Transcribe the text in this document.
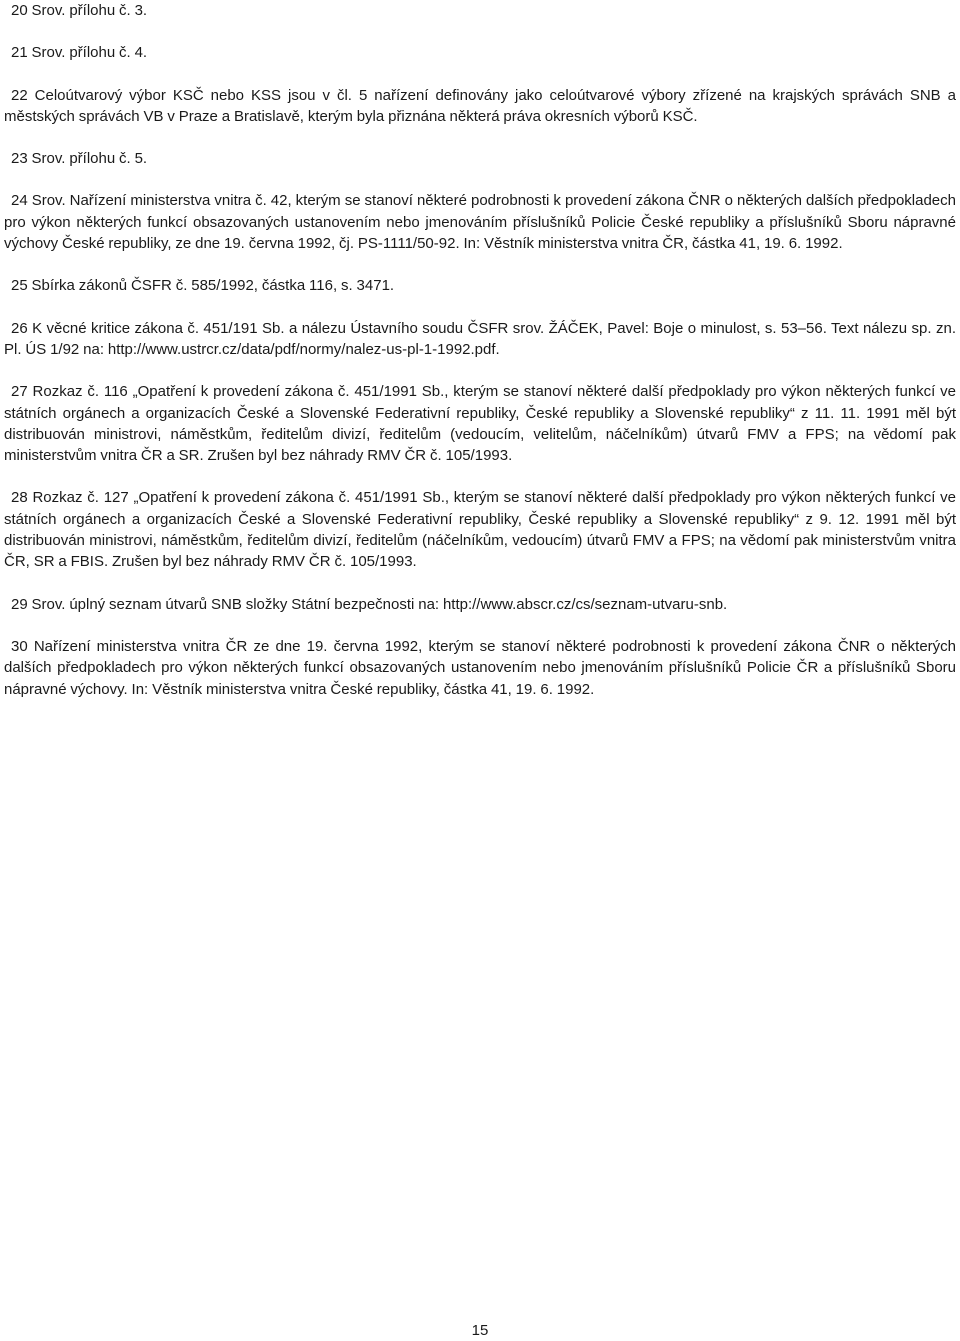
20 Srov. přílohu č. 3.

21 Srov. přílohu č. 4.

22 Celoútvarový výbor KSČ nebo KSS jsou v čl. 5 nařízení definovány jako celoútvarové výbory zřízené na krajských správách SNB a městských správách VB v Praze a Bratislavě, kterým byla přiznána některá práva okresních výborů KSČ.

23 Srov. přílohu č. 5.

24 Srov. Nařízení ministerstva vnitra č. 42, kterým se stanoví některé podrobnosti k provedení zákona ČNR o některých dalších předpokladech pro výkon některých funkcí obsazovaných ustanovením nebo jmenováním příslušníků Policie České republiky a příslušníků Sboru nápravné výchovy České republiky, ze dne 19. června 1992, čj. PS-1111/50-92. In: Věstník ministerstva vnitra ČR, částka 41, 19. 6. 1992.

25 Sbírka zákonů ČSFR č. 585/1992, částka 116, s. 3471.

26 K věcné kritice zákona č. 451/191 Sb. a nálezu Ústavního soudu ČSFR srov. ŽÁČEK, Pavel: Boje o minulost, s. 53–56. Text nálezu sp. zn. Pl. ÚS 1/92 na: http://www.ustrcr.cz/data/pdf/normy/nalez-us-pl-1-1992.pdf.

27 Rozkaz č. 116 „Opatření k provedení zákona č. 451/1991 Sb., kterým se stanoví některé další předpoklady pro výkon některých funkcí ve státních orgánech a organizacích České a Slovenské Federativní republiky, České republiky a Slovenské republiky“ z 11. 11. 1991 měl být distribuován ministrovi, náměstkům, ředitelům divizí, ředitelům (vedoucím, velitelům, náčelníkům) útvarů FMV a FPS; na vědomí pak ministerstvům vnitra ČR a SR. Zrušen byl bez náhrady RMV ČR č. 105/1993.

28 Rozkaz č. 127 „Opatření k provedení zákona č. 451/1991 Sb., kterým se stanoví některé další předpoklady pro výkon některých funkcí ve státních orgánech a organizacích České a Slovenské Federativní republiky, České republiky a Slovenské republiky“ z 9. 12. 1991 měl být distribuován ministrovi, náměstkům, ředitelům divizí, ředitelům (náčelníkům, vedoucím) útvarů FMV a FPS; na vědomí pak ministerstvům vnitra ČR, SR a FBIS. Zrušen byl bez náhrady RMV ČR č. 105/1993.

29 Srov. úplný seznam útvarů SNB složky Státní bezpečnosti na: http://www.abscr.cz/cs/seznam-utvaru-snb.

30 Nařízení ministerstva vnitra ČR ze dne 19. června 1992, kterým se stanoví některé podrobnosti k provedení zákona ČNR o některých dalších předpokladech pro výkon některých funkcí obsazovaných ustanovením nebo jmenováním příslušníků Policie ČR a příslušníků Sboru nápravné výchovy. In: Věstník ministerstva vnitra České republiky, částka 41, 19. 6. 1992.

15
